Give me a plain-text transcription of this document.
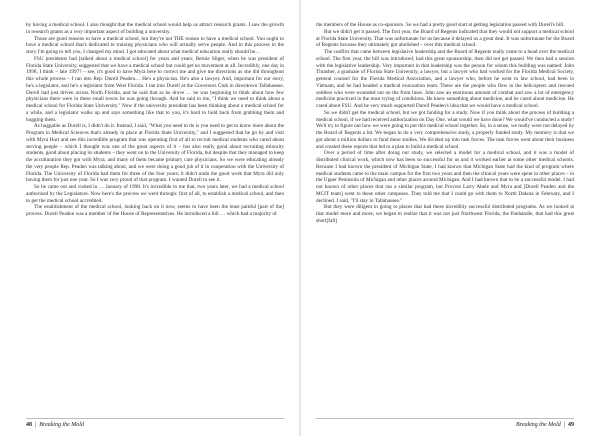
by having a medical school. I also thought that the medical school would help us attract research grants. I saw the growth in research grants as a very important aspect of building a university.

Those are good reasons to have a medical school, but they're not THE reason to have a medical school. You ought to have a medical school that's dedicated to training physicians who will actually serve people. And in this process in the story I'm going to tell you, I changed my mind. I got educated about what medical education really should be…

FSU presidents had [talked about a medical school] for years and years; Bernie Sliger, when he was president of Florida State University, suggested that we have a medical school but could get no movement at all. Incredibly, one day in 1998, I think – late 1997? – see, it's good to have Myra here to correct me and give me directions as she did throughout this whole process – I ran into Rep. Durell Peaden… He's a physician. He's also a lawyer. And, important for our story, he's a legislator, and he's a legislator from West Florida. I ran into Durell at the Governors Club in downtown Tallahassee. Durell had just driven across North Florida, and he said that as he drove … he was beginning to think about how few physicians there were in these small towns he was going through. And he said to me, "I think we need to think about a medical school for Florida State University." Now if the university president has been thinking about a medical school for a while, and a legislator walks up and says something like that to you, it's hard to hold back from grabbing them and hugging them.

As huggable as Durell is, I didn't do it. Instead, I said, "What you need to do is you need to get to know more about the Program in Medical Sciences that's already in place at Florida State University," and I suggested that he go by and visit with Myra Hurt and see this incredible program that was operating first of all to recruit medical students who cared about serving people – which I thought was one of the great aspects of it – but also really good about recruiting minority students, good about placing its students – they went on to the University of Florida, but despite that they managed to keep the acculturation they got with Myra, and many of them became primary care physicians. So we were educating already the very people Rep. Peaden was talking about, and we were doing a good job of it in cooperation with the University of Florida. The University of Florida had them for three of the four years; it didn't undo the good work that Myra did only having them for just one year. So I was very proud of that program. I wanted Durell to see it.

So he came out and visited in … January of 1998. It's incredible to me that, two years later, we had a medical school authorized by the Legislature. Now here's the process we went through: first of all, to establish a medical school, and then to get the medical school accredited.

The establishment of the medical school, looking back on it now, seems to have been the least painful [part of the] process. Durell Peaden was a member of the House of Representatives. He introduced a bill … which had a majority of

the members of the House as co-sponsors. So we had a pretty good start at getting legislation passed with Durell's bill.

But we didn't get it passed. The first year, the Board of Regents indicated that they would not support a medical school at Florida State University. That was unfortunate for us because it delayed us a great deal. It was unfortunate for the Board of Regents because they ultimately got abolished – over this medical school.

The conflict that came between legislative leadership and the Board of Regents really came to a head over the medical school. The first year, the bill was introduced, had this great sponsorship, then did not get passed. We then had a session with the legislative leadership. Very important in that leadership was the person for whom this building was named: John Thrasher, a graduate of Florida State University, a lawyer, but a lawyer who had worked for the Florida Medical Society, general counsel for the Florida Medical Association, and a lawyer who, before he went to law school, had been in Vietnam, and he had headed a medical evacuation team. These are the people who flew in the helicopters and rescued soldiers who were wounded out on the front lines. John saw an enormous amount of combat and saw a lot of emergency medicine practiced in the most trying of conditions. He knew something about medicine, and he cared about medicine. He cared about FSU. And he very much supported Durell Peaden's idea that we would have a medical school.

So we didn't get the medical school, but we got funding for a study. Now if you think about the process of building a medical school, if we had received authorization on Day One, what would we have done? We would've conducted a study! We'd try to figure out how we were going to put this medical school together. So, in a sense, we really were not delayed by the Board of Regents a bit. We began to do a very comprehensive study, a properly funded study. My memory is that we got about a million dollars to fund these studies. We divided up into task forces. The task forces went about their business and created these reports that led to a plan to build a medical school.

Over a period of time after doing our study, we selected a model for a medical school, and it was a model of distributed clinical work, which now has been so successful for us and it worked earlier at some other medical schools. Because I had known the president of Michigan State, I had known that Michigan State had the kind of program where medical students came to the main campus for the first two years and then the clinical years were spent in other places – in the Upper Peninsula of Michigan and other places around Michigan. And I had known that to be a successful model. I had not known of other places that ran a similar program, but Provost Larry Abele and Myra and [Durell Peaden and the MCIT team] went to these other campuses. They told me that I could go with them to North Dakota in February, and I declined. I said, "I'll stay in Tallahassee."

But they were diligent in going to places that had these incredibly successful distributed programs. As we looked at that model more and more, we began to realize that it was not just Northwest Florida, the Panhandle, that had this great short[fall]

48 | Breaking the Mold	Breaking the Mold | 49
